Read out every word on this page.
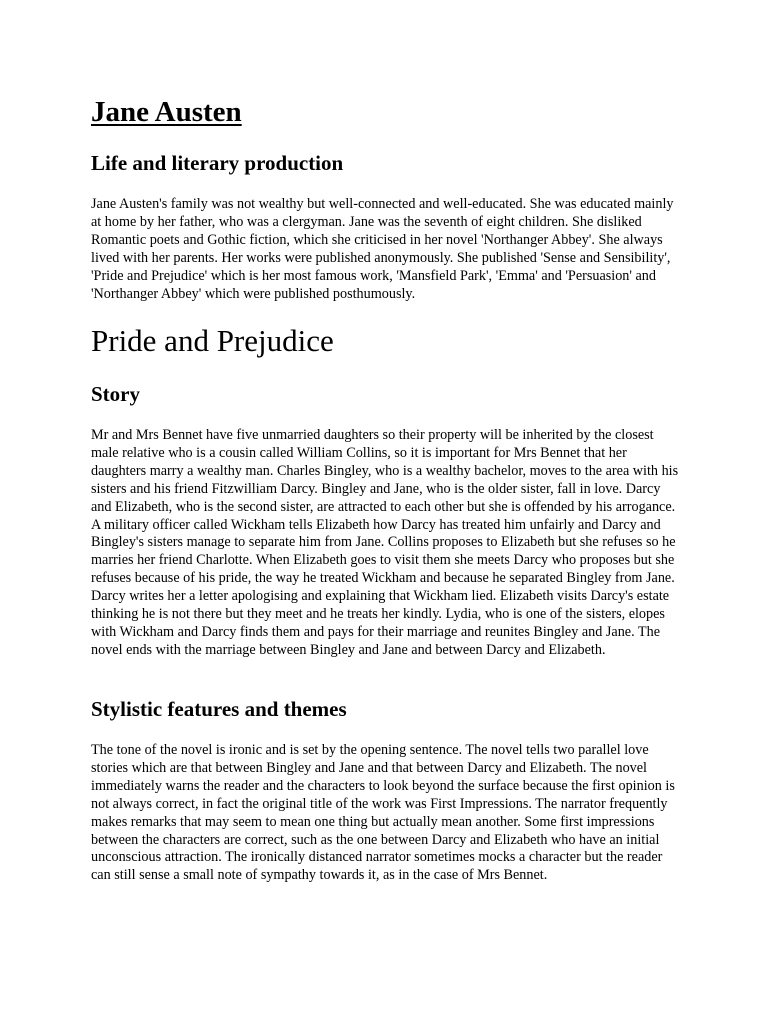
Jane Austen
Life and literary production

Jane Austen's family was not wealthy but well-connected and well-educated. She was educated mainly at home by her father, who was a clergyman. Jane was the seventh of eight children. She disliked Romantic poets and Gothic fiction, which she criticised in her novel 'Northanger Abbey'. She always lived with her parents. Her works were published anonymously. She published 'Sense and Sensibility', 'Pride and Prejudice' which is her most famous work, 'Mansfield Park', 'Emma' and 'Persuasion' and 'Northanger Abbey' which were published posthumously.

Pride and Prejudice
Story

Mr and Mrs Bennet have five unmarried daughters so their property will be inherited by the closest male relative who is a cousin called William Collins, so it is important for Mrs Bennet that her daughters marry a wealthy man. Charles Bingley, who is a wealthy bachelor, moves to the area with his sisters and his friend Fitzwilliam Darcy. Bingley and Jane, who is the older sister, fall in love. Darcy and Elizabeth, who is the second sister, are attracted to each other but she is offended by his arrogance. A military officer called Wickham tells Elizabeth how Darcy has treated him unfairly and Darcy and Bingley's sisters manage to separate him from Jane. Collins proposes to Elizabeth but she refuses so he marries her friend Charlotte. When Elizabeth goes to visit them she meets Darcy who proposes but she refuses because of his pride, the way he treated Wickham and because he separated Bingley from Jane. Darcy writes her a letter apologising and explaining that Wickham lied. Elizabeth visits Darcy's estate thinking he is not there but they meet and he treats her kindly. Lydia, who is one of the sisters, elopes with Wickham and Darcy finds them and pays for their marriage and reunites Bingley and Jane. The novel ends with the marriage between Bingley and Jane and between Darcy and Elizabeth.

Stylistic features and themes

The tone of the novel is ironic and is set by the opening sentence. The novel tells two parallel love stories which are that between Bingley and Jane and that between Darcy and Elizabeth. The novel immediately warns the reader and the characters to look beyond the surface because the first opinion is not always correct, in fact the original title of the work was First Impressions. The narrator frequently makes remarks that may seem to mean one thing but actually mean another. Some first impressions between the characters are correct, such as the one between Darcy and Elizabeth who have an initial unconscious attraction. The ironically distanced narrator sometimes mocks a character but the reader can still sense a small note of sympathy towards it, as in the case of Mrs Bennet.
